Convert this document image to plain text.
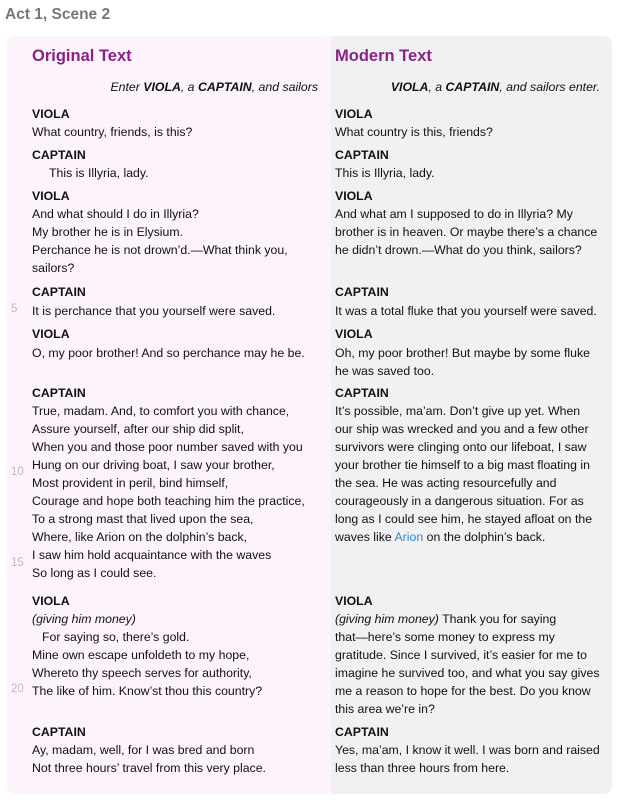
Act 1, Scene 2
Original Text	Modern Text
Enter VIOLA, a CAPTAIN, and sailors	VIOLA, a CAPTAIN, and sailors enter.
VIOLA
What country, friends, is this?
CAPTAIN
This is Illyria, lady.
VIOLA
And what should I do in Illyria?
My brother he is in Elysium.
Perchance he is not drown’d.—What think you,
sailors?
CAPTAIN
It is perchance that you yourself were saved.
VIOLA
O, my poor brother! And so perchance may he be.
CAPTAIN
True, madam. And, to comfort you with chance,
Assure yourself, after our ship did split,
When you and those poor number saved with you
Hung on our driving boat, I saw your brother,
Most provident in peril, bind himself,
Courage and hope both teaching him the practice,
To a strong mast that lived upon the sea,
Where, like Arion on the dolphin’s back,
I saw him hold acquaintance with the waves
So long as I could see.
VIOLA
(giving him money)
For saying so, there’s gold.
Mine own escape unfoldeth to my hope,
Whereto thy speech serves for authority,
The like of him. Know’st thou this country?
CAPTAIN
Ay, madam, well, for I was bred and born
Not three hours’ travel from this very place.
VIOLA
What country is this, friends?
CAPTAIN
This is Illyria, lady.
VIOLA
And what am I supposed to do in Illyria? My
brother is in heaven. Or maybe there’s a chance
he didn’t drown.—What do you think, sailors?
CAPTAIN
It was a total fluke that you yourself were saved.
VIOLA
Oh, my poor brother! But maybe by some fluke
he was saved too.
CAPTAIN
It’s possible, ma’am. Don’t give up yet. When
our ship was wrecked and you and a few other
survivors were clinging onto our lifeboat, I saw
your brother tie himself to a big mast floating in
the sea. He was acting resourcefully and
courageously in a dangerous situation. For as
long as I could see him, he stayed afloat on the
waves like Arion on the dolphin’s back.
VIOLA
(giving him money) Thank you for saying
that—here’s some money to express my
gratitude. Since I survived, it’s easier for me to
imagine he survived too, and what you say gives
me a reason to hope for the best. Do you know
this area we’re in?
CAPTAIN
Yes, ma’am, I know it well. I was born and raised
less than three hours from here.
5
10
15
20
